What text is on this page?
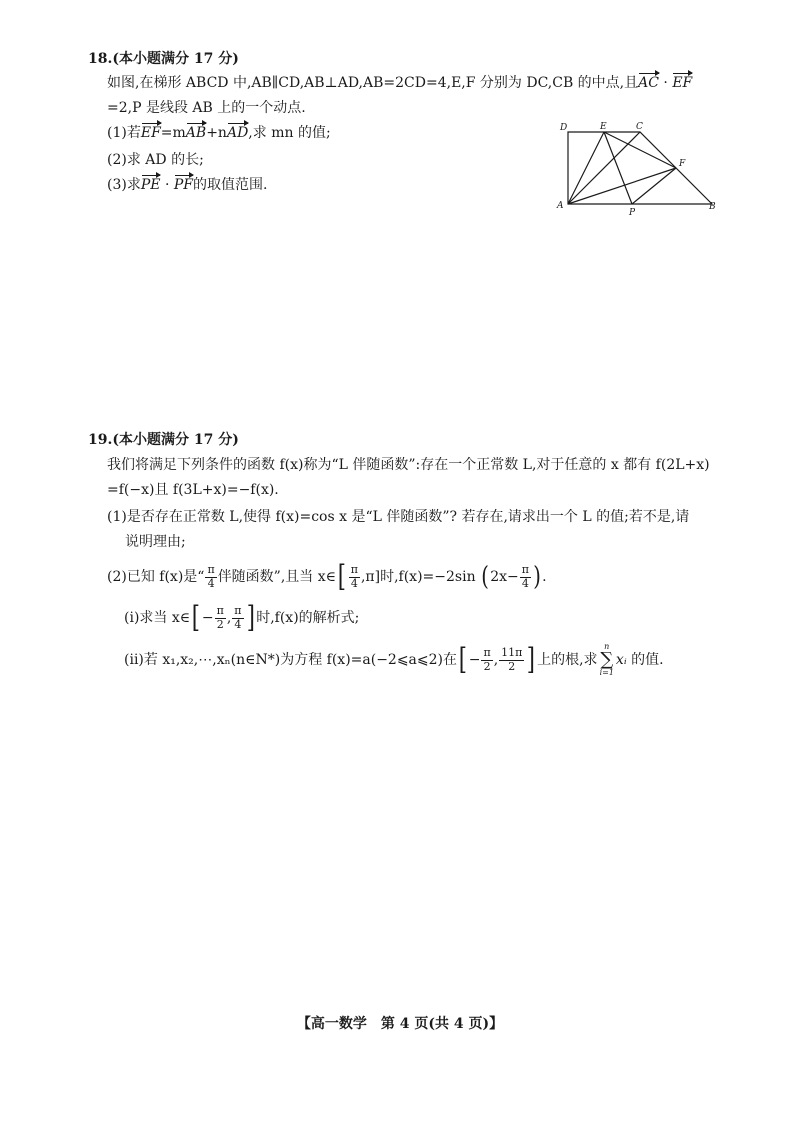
18.(本小题满分 17 分)
如图,在梯形 ABCD 中,AB∥CD,AB⊥AD,AB=2CD=4,E,F 分别为 DC,CB 的中点,且AC · EF
=2,P 是线段 AB 上的一个动点.
(1)若EF=mAB+nAD,求 mn 的值;
(2)求 AD 的长;
(3)求PE · PF的取值范围.
D	E	C
F
A
P
B
19.(本小题满分 17 分)
我们将满足下列条件的函数 f(x)称为“L 伴随函数”:存在一个正常数 L,对于任意的 x 都有 f(2L+x)
=f(−x)且 f(3L+x)=−f(x).
(1)是否存在正常数 L,使得 f(x)=cos x 是“L 伴随函数”? 若存在,请求出一个 L 的值;若不是,请
说明理由;
(2)已知 f(x)是“ $\frac{\pi}{4}$ 伴随函数”,且当 x∈[ $\frac{\pi}{4} ,\pi$]时,f(x)=−2sin ($2x- \frac{\pi}{4}$ ).
(ⅰ)求当 x∈[ − $\frac{\pi}{2}$ , $\frac{\pi}{4}$ ] 时,f(x)的解析式;
(ⅱ)若 x₁,x₂,⋯,xₙ(n∈N*)为方程 f(x)=a(−2⩽a⩽2)在[ − $\frac{\pi}{2}$ , $\frac{11\pi}{2}$ ] 上的根,求
n
∑
i=1
xᵢ 的值.
【高一数学　第 4 页(共 4 页)】
